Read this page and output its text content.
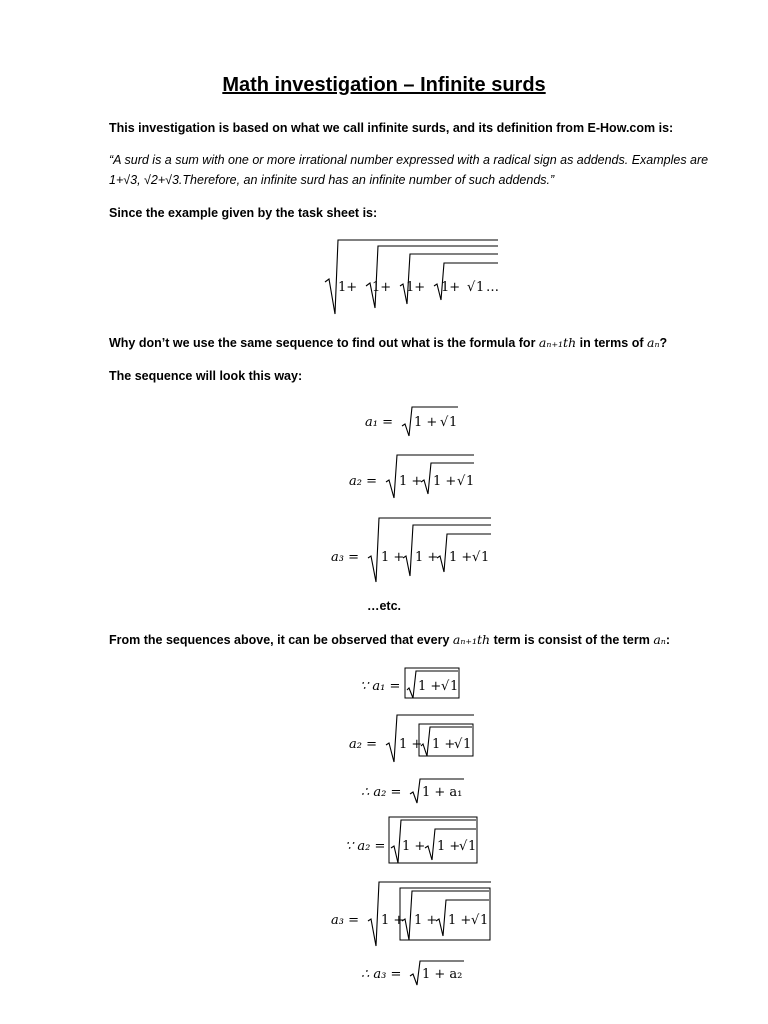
Math investigation – Infinite surds
This investigation is based on what we call infinite surds, and its definition from E-How.com is:
“A surd is a sum with one or more irrational number expressed with a radical sign as addends. Examples are 1+√3, √2+√3.Therefore, an infinite surd has an infinite number of such addends.”
Since the example given by the task sheet is:
1+ 1+ 1+ 1+ √ 1 …
Why don’t we use the same sequence to find out what is the formula for aₙ₊₁th in terms of aₙ?
The sequence will look this way:
a₁ = 1 + √ 1
a₂ = 1 + 1 + √ 1
a₃ = 1 + 1 + 1 + √ 1
…etc.
From the sequences above, it can be observed that every aₙ₊₁th term is consist of the term aₙ:
∵ a₁ = 1 + √ 1
a₂ = 1 + 1 +
√ 1
∴ a₂ = 1 + a₁
∵ a₂ = 1 + 1 +
√ 1
a₃ = 1 + 1 + 1 + √ 1
∴ a₃ = 1 + a₂
